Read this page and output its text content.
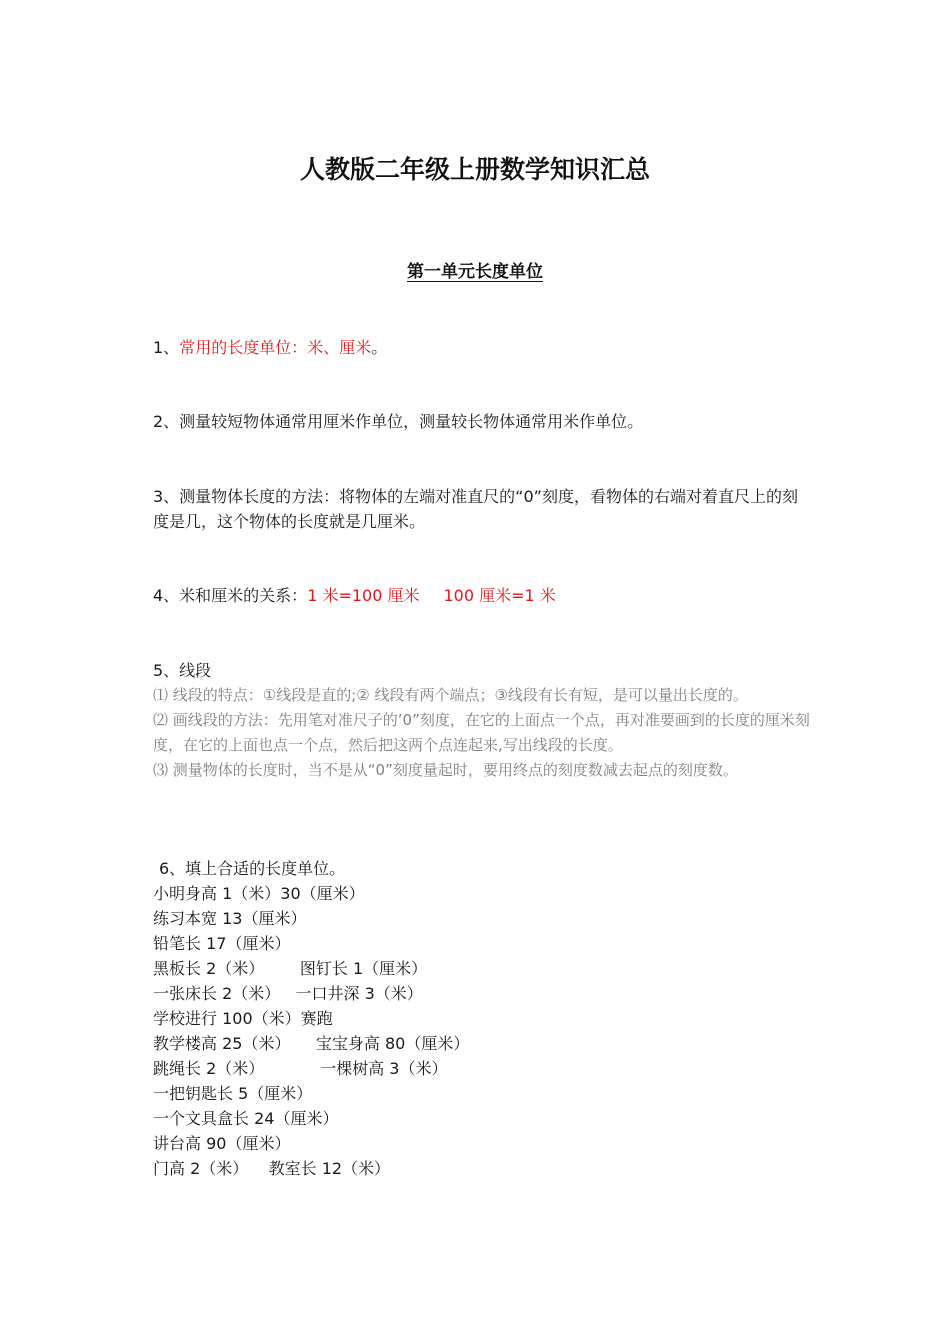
人教版二年级上册数学知识汇总
第一单元长度单位
1、常用的长度单位：米、厘米。
2、测量较短物体通常用厘米作单位，测量较长物体通常用米作单位。
3、测量物体长度的方法：将物体的左端对准直尺的“0”刻度，看物体的右端对着直尺上的刻度是几，这个物体的长度就是几厘米。
4、米和厘米的关系：1 米=100 厘米 100 厘米=1 米
5、线段
⑴ 线段的特点：①线段是直的;② 线段有两个端点；③线段有长有短，是可以量出长度的。
⑵ 画线段的方法：先用笔对准尺子的’0”刻度，在它的上面点一个点，再对准要画到的长度的厘米刻度，在它的上面也点一个点，然后把这两个点连起来,写出线段的长度。
⑶ 测量物体的长度时，当不是从“0”刻度量起时，要用终点的刻度数减去起点的刻度数。
6、填上合适的长度单位。
小明身高 1（米）30（厘米）
练习本宽 13（厘米）
铅笔长 17（厘米）
黑板长 2（米）       图钉长 1（厘米）
一张床长 2（米）   一口井深 3（米）
学校进行 100（米）赛跑
教学楼高 25（米）     宝宝身高 80（厘米）
跳绳长 2（米）           一棵树高 3（米）
一把钥匙长 5（厘米）
一个文具盒长 24（厘米）
讲台高 90（厘米）
门高 2（米）    教室长 12（米）
